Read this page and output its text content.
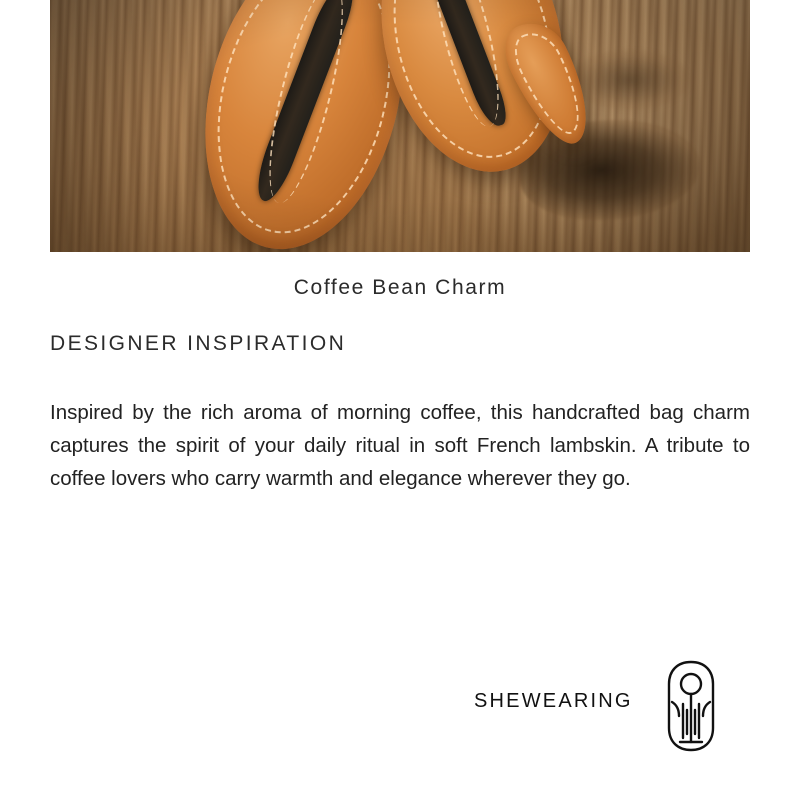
Coffee Bean Charm
DESIGNER INSPIRATION
Inspired by the rich aroma of morning coffee, this handcrafted bag charm captures the spirit of your daily ritual in soft French lambskin. A tribute to coffee lovers who carry warmth and elegance wherever they go.
SHEWEARING
